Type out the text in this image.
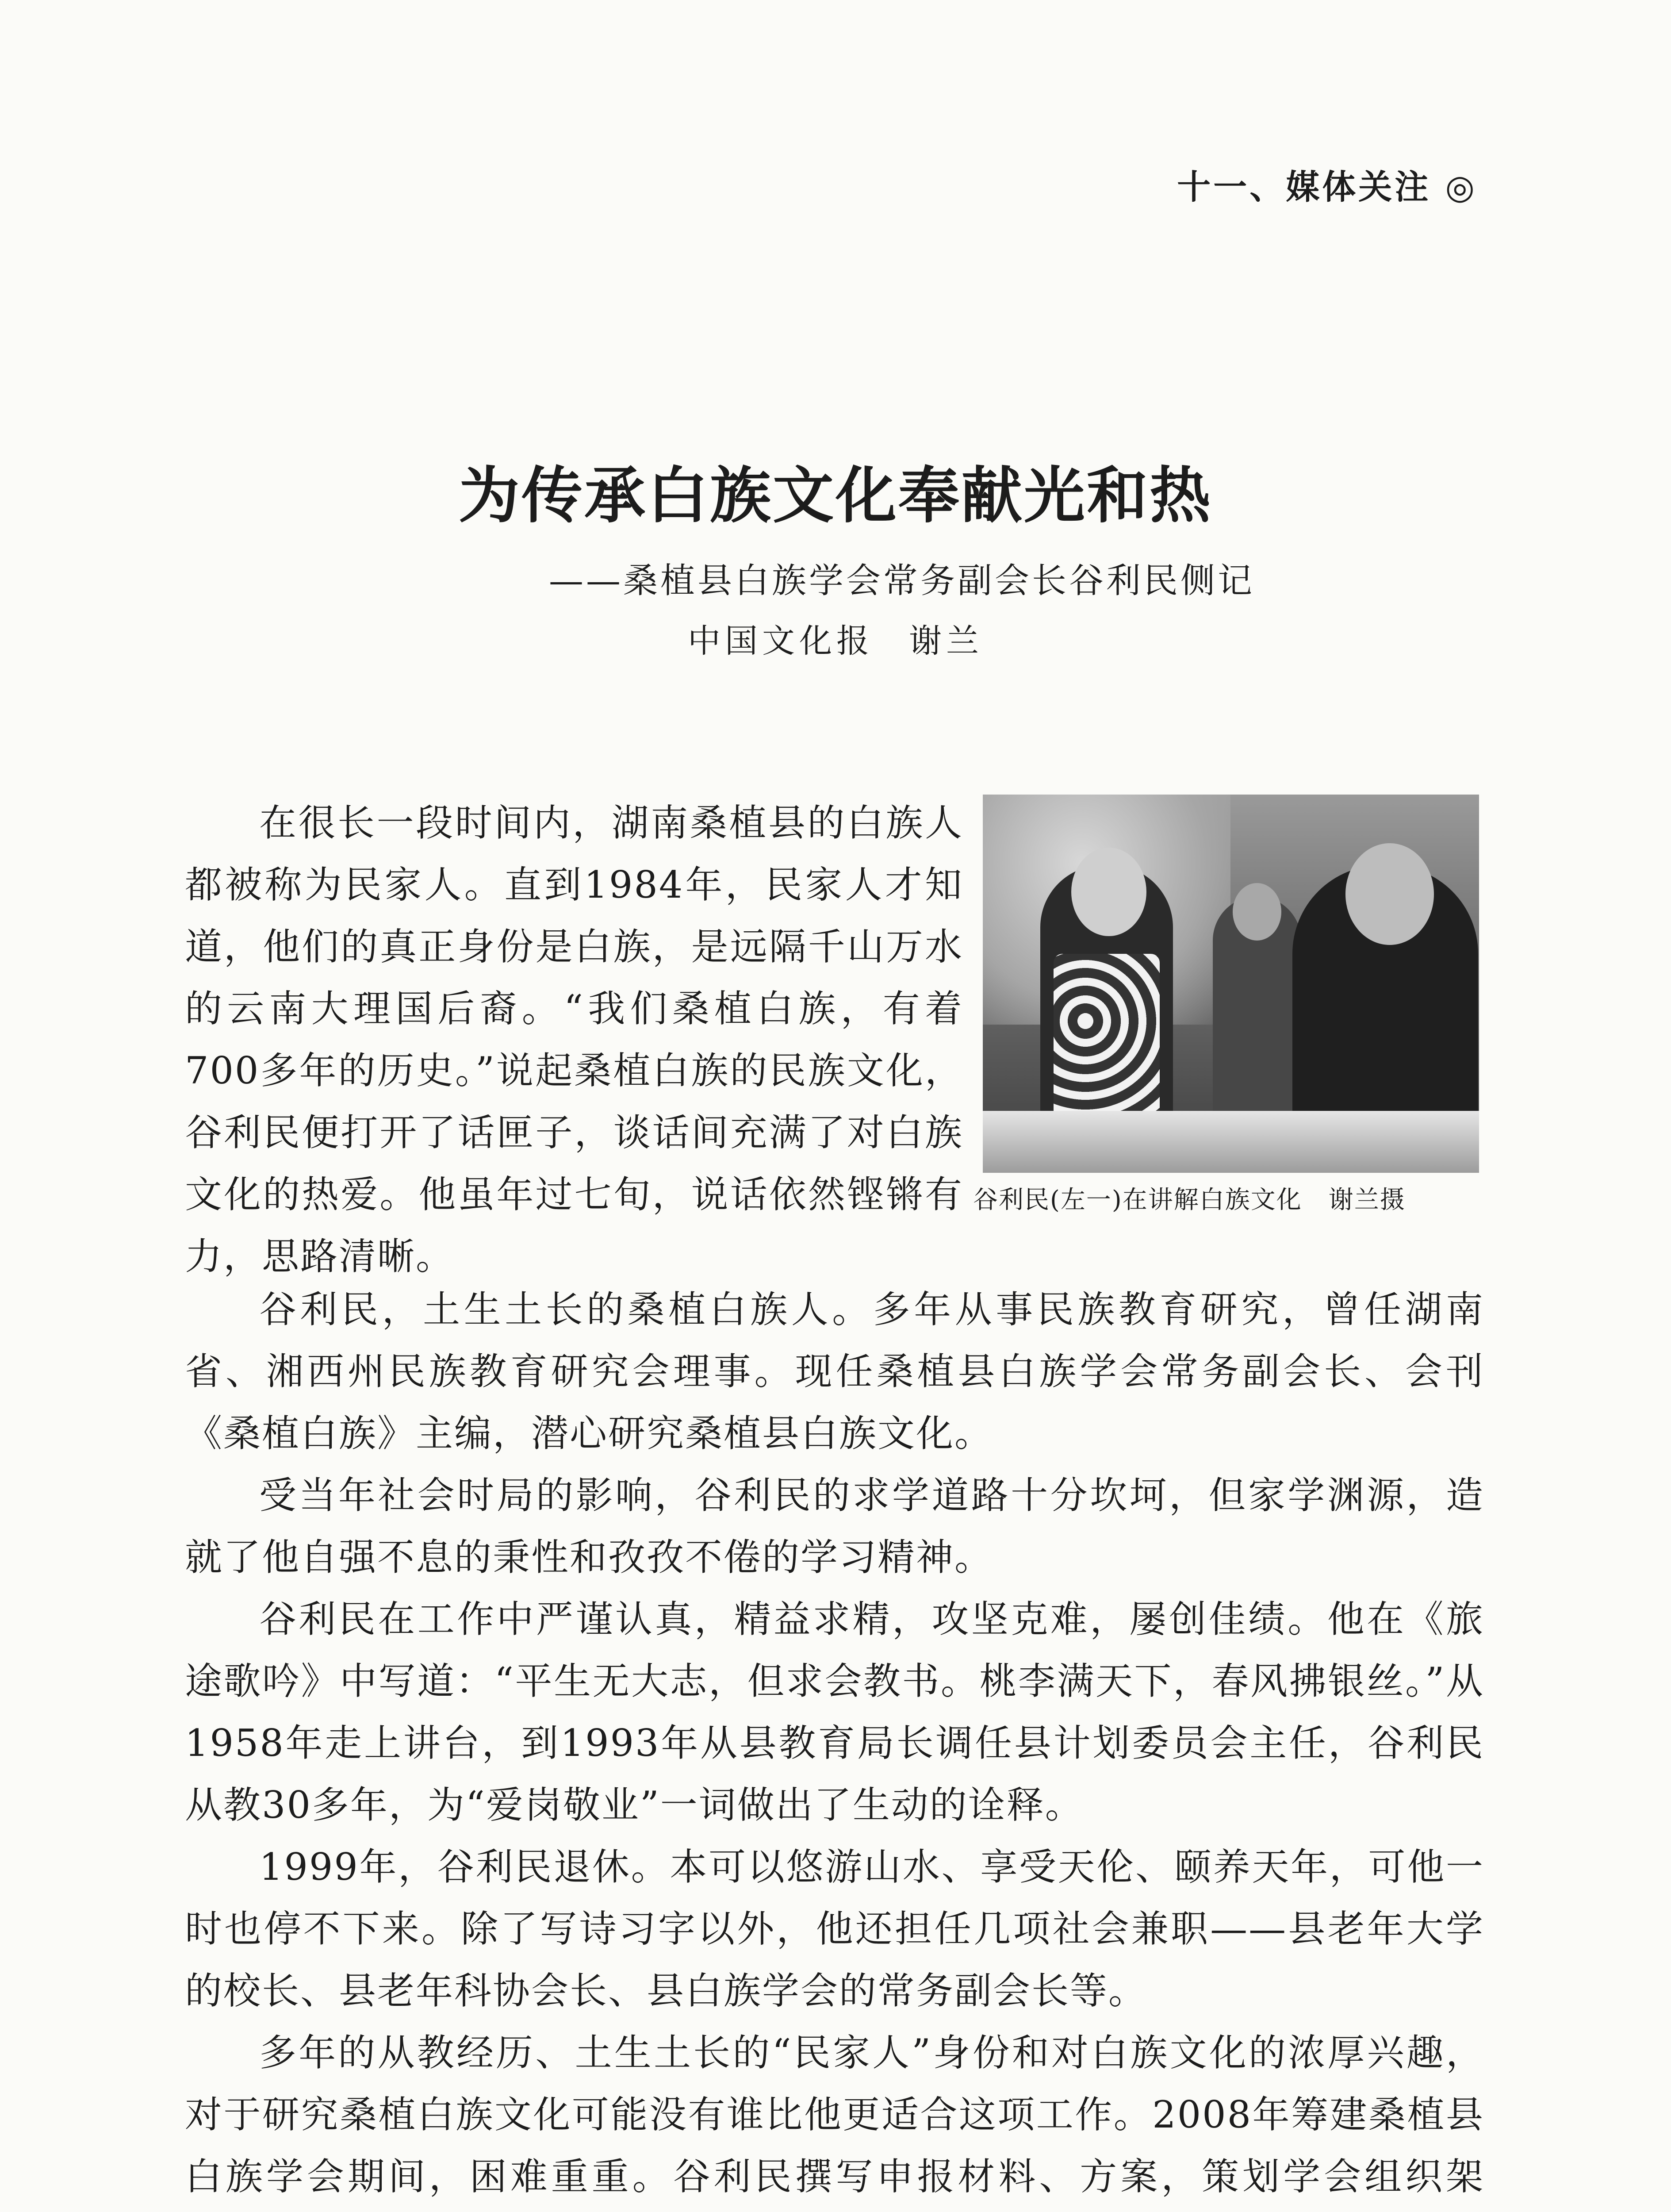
十一、媒体关注 ◎
为传承白族文化奉献光和热
——桑植县白族学会常务副会长谷利民侧记
中国文化报 谢兰
谷利民(左一)在讲解白族文化 谢兰摄

在很长一段时间内，湖南桑植县的白族人都被称为民家人。直到1984年，民家人才知道，他们的真正身份是白族，是远隔千山万水的云南大理国后裔。“我们桑植白族，有着700多年的历史。”说起桑植白族的民族文化，谷利民便打开了话匣子，谈话间充满了对白族文化的热爱。他虽年过七旬，说话依然铿锵有力，思路清晰。

谷利民，土生土长的桑植白族人。多年从事民族教育研究，曾任湖南省、湘西州民族教育研究会理事。现任桑植县白族学会常务副会长、会刊《桑植白族》主编，潜心研究桑植县白族文化。

受当年社会时局的影响，谷利民的求学道路十分坎坷，但家学渊源，造就了他自强不息的秉性和孜孜不倦的学习精神。

谷利民在工作中严谨认真，精益求精，攻坚克难，屡创佳绩。他在《旅途歌吟》中写道：“平生无大志，但求会教书。桃李满天下，春风拂银丝。”从1958年走上讲台，到1993年从县教育局长调任县计划委员会主任，谷利民从教30多年，为“爱岗敬业”一词做出了生动的诠释。

1999年，谷利民退休。本可以悠游山水、享受天伦、颐养天年，可他一时也停不下来。除了写诗习字以外，他还担任几项社会兼职——县老年大学的校长、县老年科协会长、县白族学会的常务副会长等。

多年的从教经历、土生土长的“民家人”身份和对白族文化的浓厚兴趣，对于研究桑植白族文化可能没有谁比他更适合这项工作。2008年筹建桑植县白族学会期间，困难重重。谷利民撰写申报材料、方案，策划学会组织架
